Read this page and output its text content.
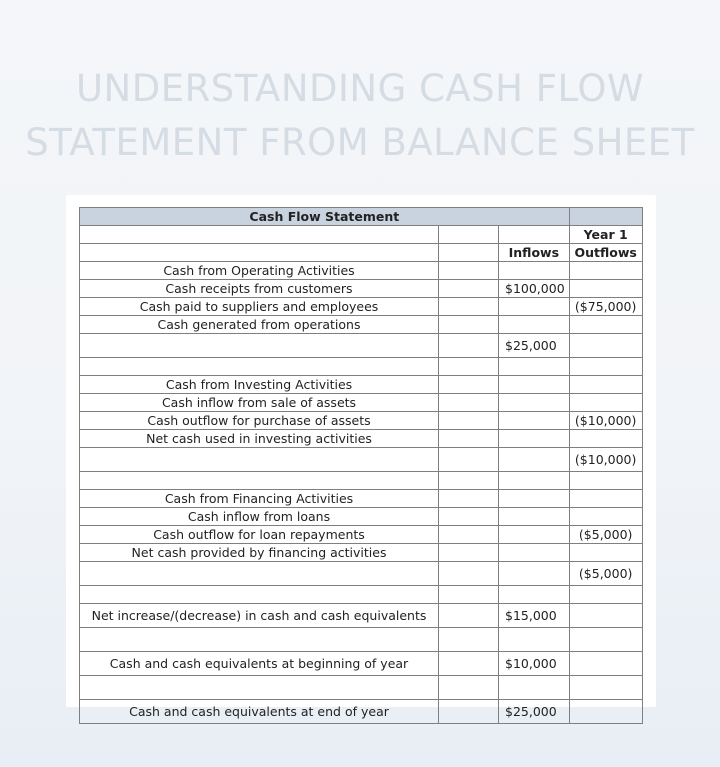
UNDERSTANDING CASH FLOW
STATEMENT FROM BALANCE SHEET
Cash Flow Statement			
			Year 1
		Inflows	Outflows
Cash from Operating Activities			
Cash receipts from customers		$100,000	
Cash paid to suppliers and employees			($75,000)
Cash generated from operations			
		$25,000	

Cash from Investing Activities			
Cash inflow from sale of assets			
Cash outflow for purchase of assets			($10,000)
Net cash used in investing activities			
			($10,000)

Cash from Financing Activities			
Cash inflow from loans			
Cash outflow for loan repayments			($5,000)
Net cash provided by financing activities			
			($5,000)

Net increase/(decrease) in cash and cash equivalents		$15,000	

Cash and cash equivalents at beginning of year		$10,000	

Cash and cash equivalents at end of year		$25,000	
